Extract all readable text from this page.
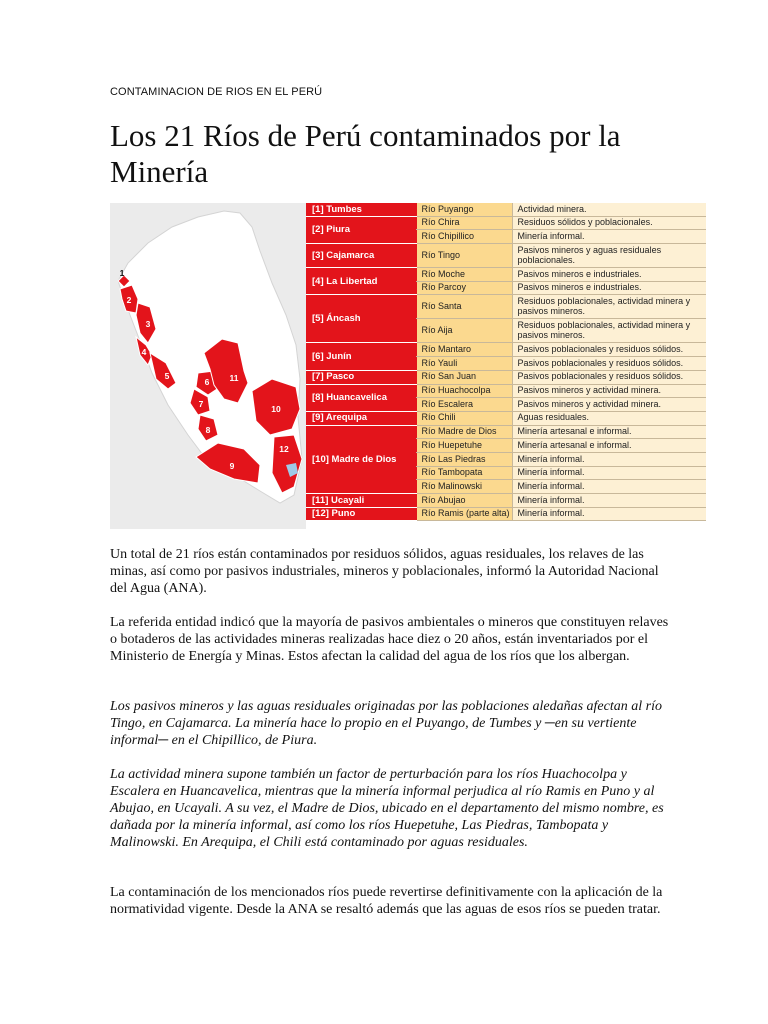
CONTAMINACION DE RIOS EN EL PERÚ
Los 21 Ríos de Perú contaminados por la Minería
1
2
3
4
5
6
7
8
9
10
11
12
[1] Tumbes	Río Puyango	Actividad minera.
[2] Piura	Río Chira	Residuos sólidos y poblacionales.
	Río Chipillico	Minería informal.
[3] Cajamarca	Río Tingo	Pasivos mineros y aguas residuales poblacionales.
[4] La Libertad	Río Moche	Pasivos mineros e industriales.
	Río Parcoy	Pasivos mineros e industriales.
[5] Áncash	Río Santa	Residuos poblacionales, actividad minera y pasivos mineros.
	Río Aija	Residuos poblacionales, actividad minera y pasivos mineros.
[6] Junín	Río Mantaro	Pasivos poblacionales y residuos sólidos.
	Río Yauli	Pasivos poblacionales y residuos sólidos.
[7] Pasco	Río San Juan	Pasivos poblacionales y residuos sólidos.
[8] Huancavelica	Río Huachocolpa	Pasivos mineros y actividad minera.
	Río Escalera	Pasivos mineros y actividad minera.
[9] Arequipa	Río Chili	Aguas residuales.
[10] Madre de Dios	Río Madre de Dios	Minería artesanal e informal.
	Río Huepetuhe	Minería artesanal e informal.
	Río Las Piedras	Minería informal.
	Río Tambopata	Minería informal.
	Río Malinowski	Minería informal.
[11] Ucayali	Río Abujao	Minería informal.
[12] Puno	Río Ramis (parte alta)	Minería informal.

Un total de 21 ríos están contaminados por residuos sólidos, aguas residuales, los relaves de las minas, así como por pasivos industriales, mineros y poblacionales, informó la Autoridad Nacional del Agua (ANA).

La referida entidad indicó que la mayoría de pasivos ambientales o mineros que constituyen relaves o botaderos de las actividades mineras realizadas hace diez o 20 años, están inventariados por el Ministerio de Energía y Minas. Estos afectan la calidad del agua de los ríos que los albergan.

Los pasivos mineros y las aguas residuales originadas por las poblaciones aledañas afectan al río Tingo, en Cajamarca. La minería hace lo propio en el Puyango, de Tumbes y ─en su vertiente informal─ en el Chipillico, de Piura.

La actividad minera supone también un factor de perturbación para los ríos Huachocolpa y Escalera en Huancavelica, mientras que la minería informal perjudica al río Ramis en Puno y al Abujao, en Ucayali. A su vez, el Madre de Dios, ubicado en el departamento del mismo nombre, es dañada por la minería informal, así como los ríos Huepetuhe, Las Piedras, Tambopata y Malinowski. En Arequipa, el Chili está contaminado por aguas residuales.

La contaminación de los mencionados ríos puede revertirse definitivamente con la aplicación de la normatividad vigente. Desde la ANA se resaltó además que las aguas de esos ríos se pueden tratar.
